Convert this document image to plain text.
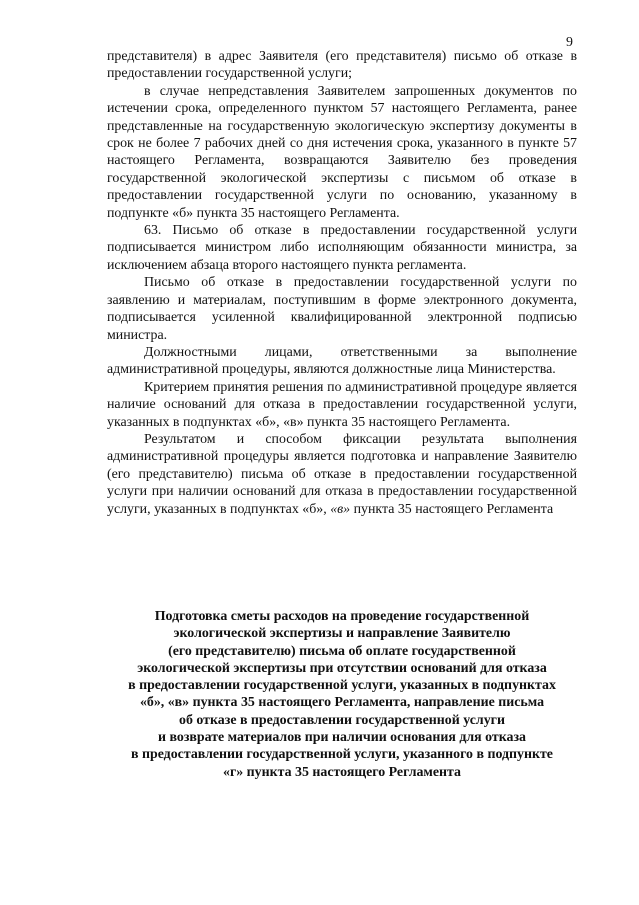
9

представителя) в адрес Заявителя (его представителя) письмо об отказе в предоставлении государственной услуги;

в случае непредставления Заявителем запрошенных документов по истечении срока, определенного пунктом 57 настоящего Регламента, ранее представленные на государственную экологическую экспертизу документы в срок не более 7 рабочих дней со дня истечения срока, указанного в пункте 57 настоящего Регламента, возвращаются Заявителю без проведения государственной экологической экспертизы с письмом об отказе в предоставлении государственной услуги по основанию, указанному в подпункте «б» пункта 35 настоящего Регламента.

63. Письмо об отказе в предоставлении государственной услуги подписывается министром либо исполняющим обязанности министра, за исключением абзаца второго настоящего пункта регламента.

Письмо об отказе в предоставлении государственной услуги по заявлению и материалам, поступившим в форме электронного документа, подписывается усиленной квалифицированной электронной подписью министра.

Должностными лицами, ответственными за выполнение административной процедуры, являются должностные лица Министерства.

Критерием принятия решения по административной процедуре является наличие оснований для отказа в предоставлении государственной услуги, указанных в подпунктах «б», «в» пункта 35 настоящего Регламента.

Результатом и способом фиксации результата выполнения административной процедуры является подготовка и направление Заявителю (его представителю) письма об отказе в предоставлении государственной услуги при наличии оснований для отказа в предоставлении государственной услуги, указанных в подпунктах «б», «в» пункта 35 настоящего Регламента

Подготовка сметы расходов на проведение государственной
экологической экспертизы и направление Заявителю
(его представителю) письма об оплате государственной
экологической экспертизы при отсутствии оснований для отказа
в предоставлении государственной услуги, указанных в подпунктах
«б», «в» пункта 35 настоящего Регламента, направление письма
об отказе в предоставлении государственной услуги
и возврате материалов при наличии основания для отказа
в предоставлении государственной услуги, указанного в подпункте
«г» пункта 35 настоящего Регламента
